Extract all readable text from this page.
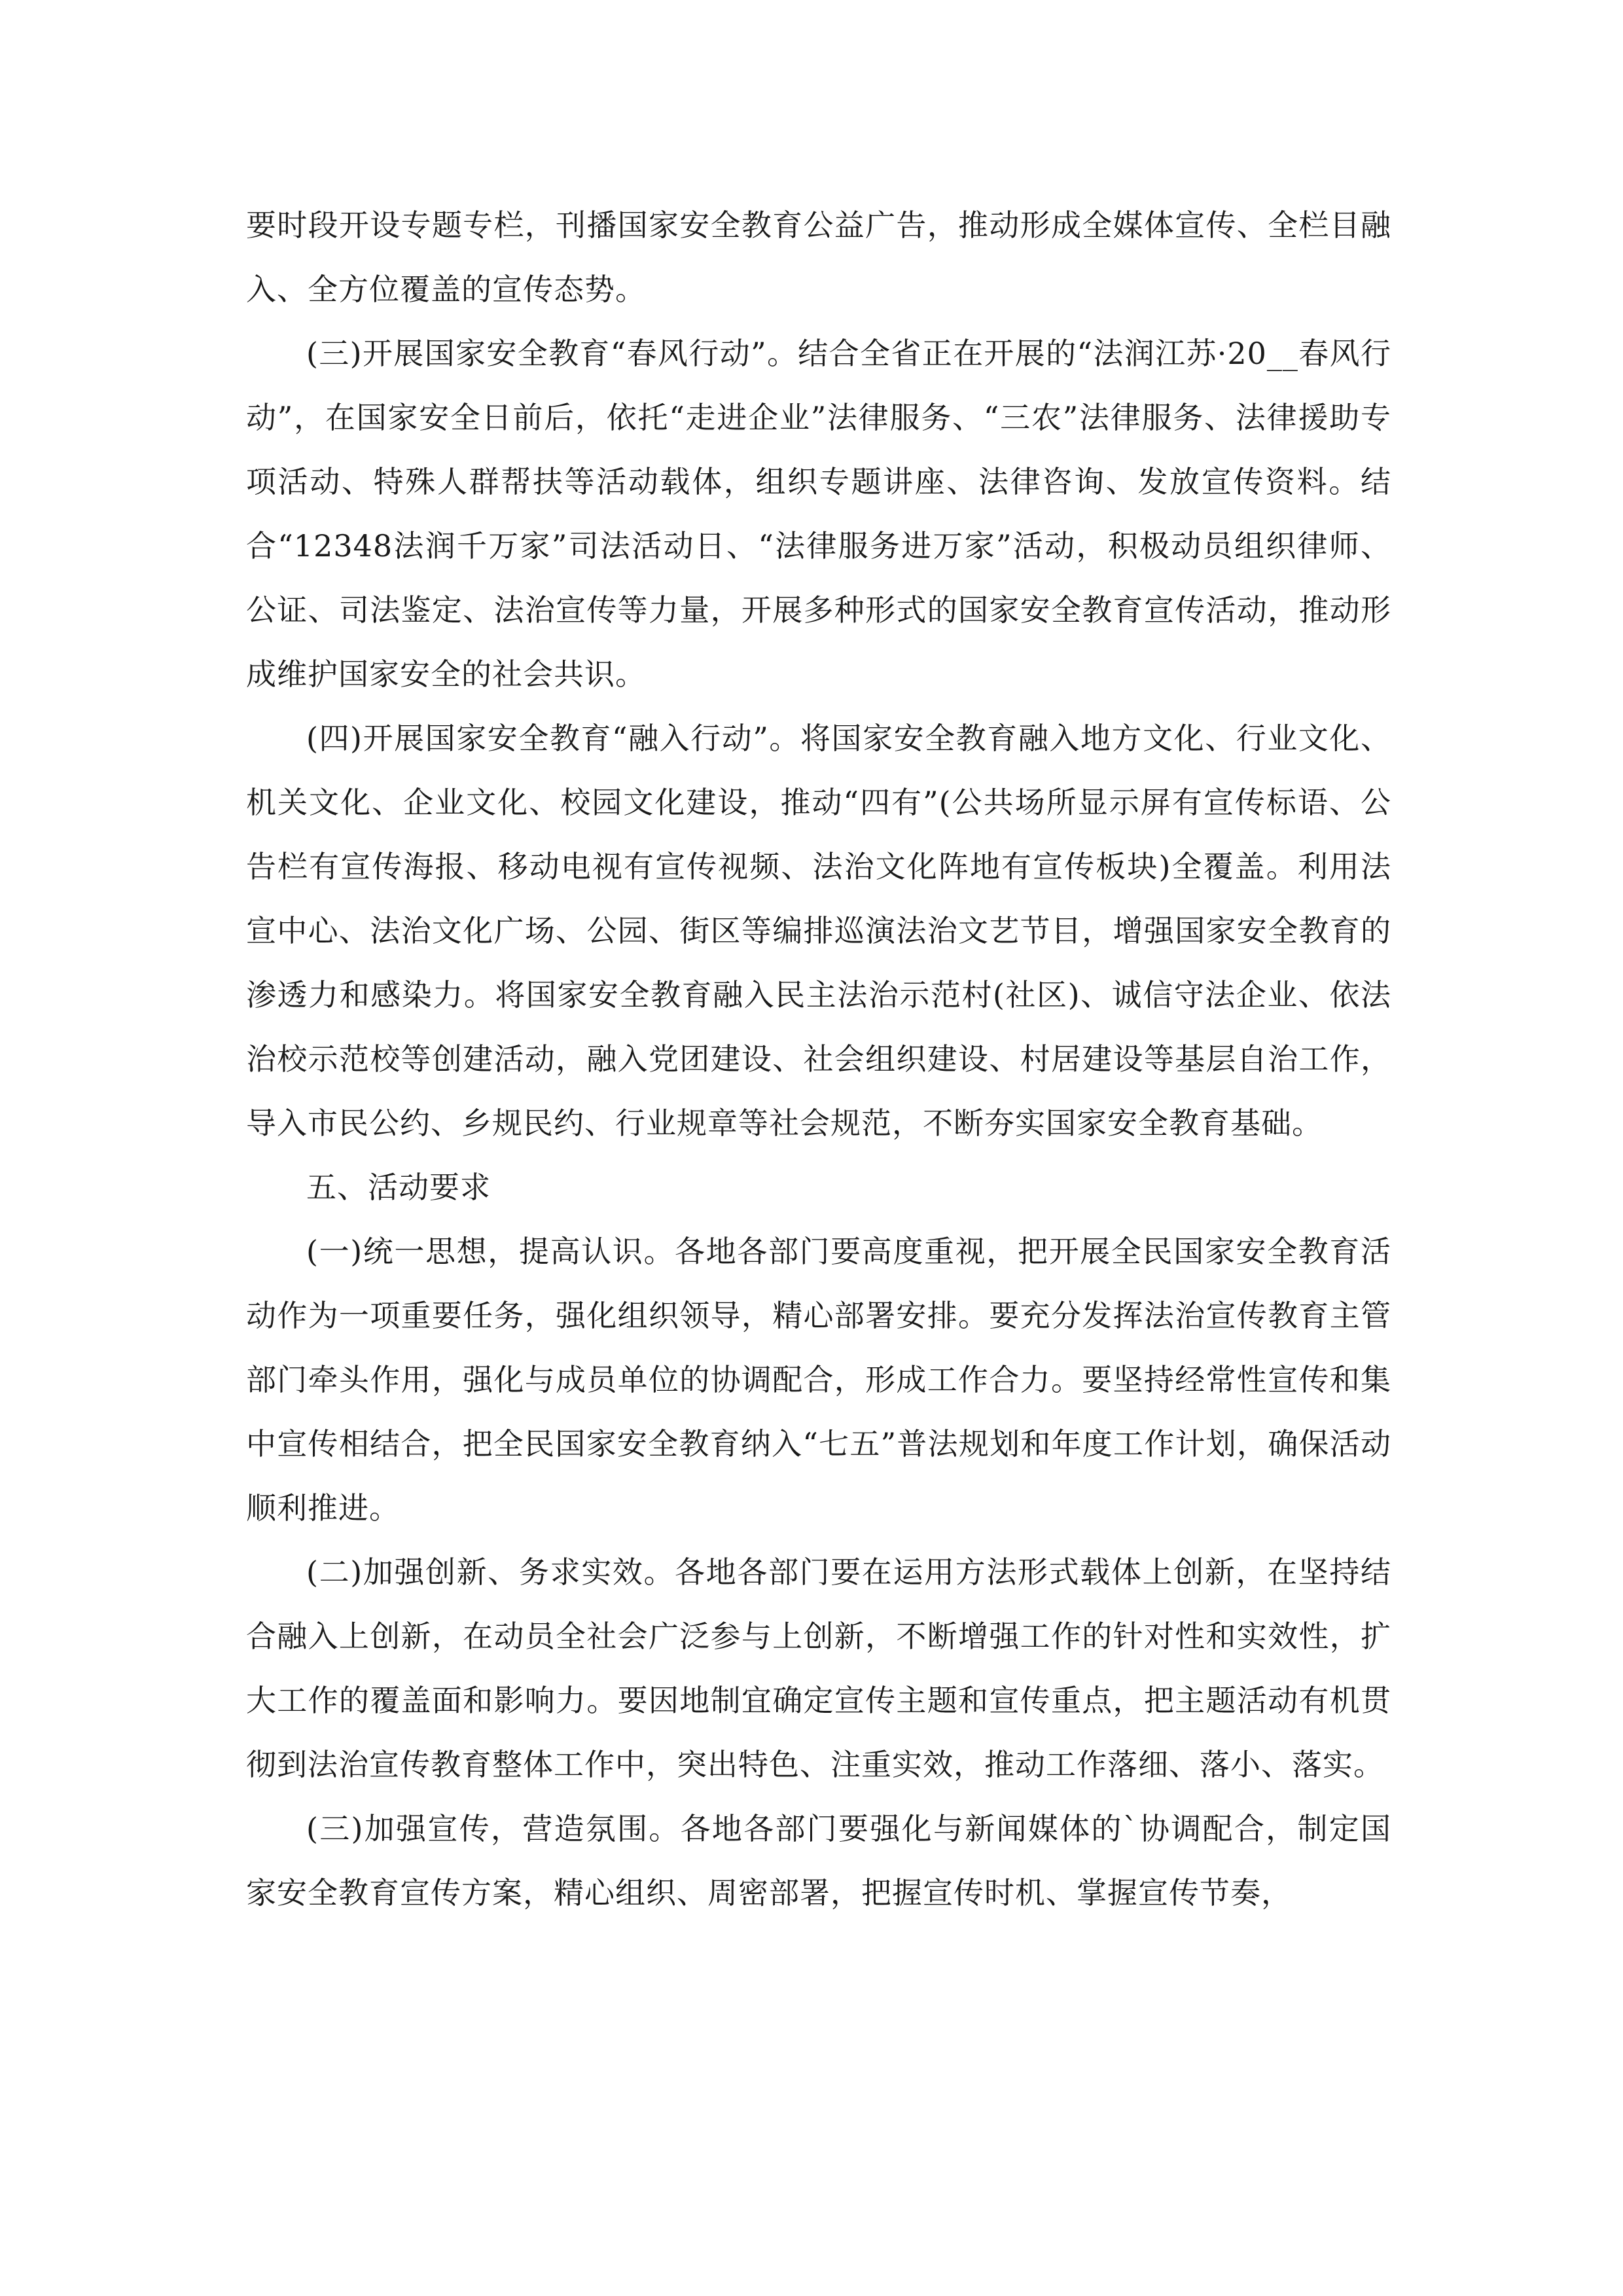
要时段开设专题专栏，刊播国家安全教育公益广告，推动形成全媒体宣传、全栏目融入、全方位覆盖的宣传态势。

(三)开展国家安全教育“春风行动”。结合全省正在开展的“法润江苏·20__春风行动”，在国家安全日前后，依托“走进企业”法律服务、“三农”法律服务、法律援助专项活动、特殊人群帮扶等活动载体，组织专题讲座、法律咨询、发放宣传资料。结合“12348法润千万家”司法活动日、“法律服务进万家”活动，积极动员组织律师、公证、司法鉴定、法治宣传等力量，开展多种形式的国家安全教育宣传活动，推动形成维护国家安全的社会共识。

(四)开展国家安全教育“融入行动”。将国家安全教育融入地方文化、行业文化、机关文化、企业文化、校园文化建设，推动“四有”(公共场所显示屏有宣传标语、公告栏有宣传海报、移动电视有宣传视频、法治文化阵地有宣传板块)全覆盖。利用法宣中心、法治文化广场、公园、街区等编排巡演法治文艺节目，增强国家安全教育的渗透力和感染力。将国家安全教育融入民主法治示范村(社区)、诚信守法企业、依法治校示范校等创建活动，融入党团建设、社会组织建设、村居建设等基层自治工作，导入市民公约、乡规民约、行业规章等社会规范，不断夯实国家安全教育基础。

五、活动要求

(一)统一思想，提高认识。各地各部门要高度重视，把开展全民国家安全教育活动作为一项重要任务，强化组织领导，精心部署安排。要充分发挥法治宣传教育主管部门牵头作用，强化与成员单位的协调配合，形成工作合力。要坚持经常性宣传和集中宣传相结合，把全民国家安全教育纳入“七五”普法规划和年度工作计划，确保活动顺利推进。

(二)加强创新、务求实效。各地各部门要在运用方法形式载体上创新，在坚持结合融入上创新，在动员全社会广泛参与上创新，不断增强工作的针对性和实效性，扩大工作的覆盖面和影响力。要因地制宜确定宣传主题和宣传重点，把主题活动有机贯彻到法治宣传教育整体工作中，突出特色、注重实效，推动工作落细、落小、落实。

(三)加强宣传，营造氛围。各地各部门要强化与新闻媒体的`协调配合，制定国家安全教育宣传方案，精心组织、周密部署，把握宣传时机、掌握宣传节奏，
